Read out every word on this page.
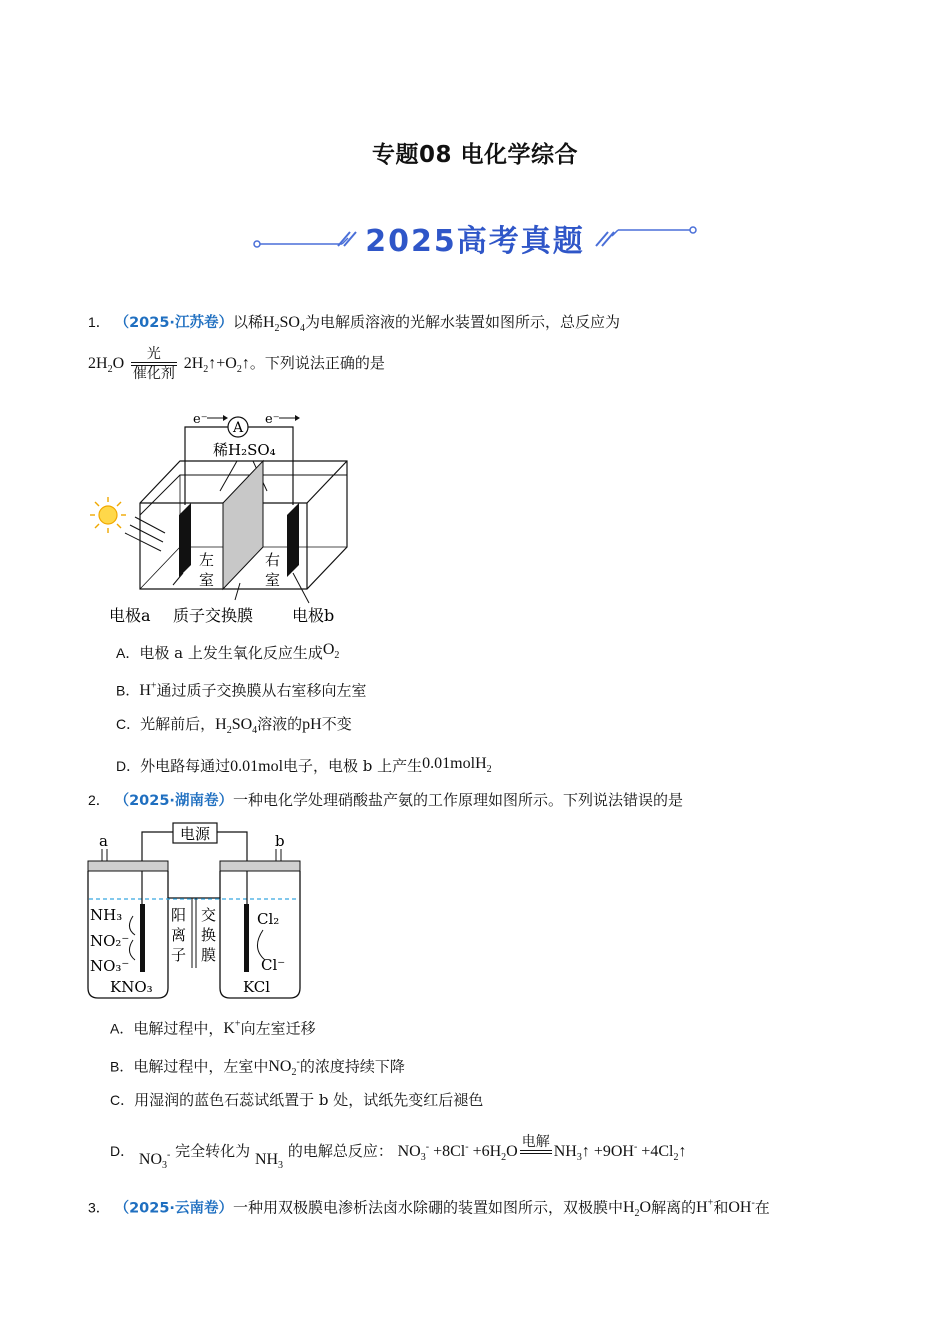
专题08 电化学综合
2025高考真题
1． （2025·江苏卷）以稀$H_2SO_4$为电解质溶液的光解水装置如图所示，总反应为
$2H_2O \frac{\text{光}}{\text{催化剂}}$ $2H_2↑+O_2↑$。下列说法正确的是
A
e⁻	e⁻
稀H₂SO₄
左
室
右
室
电极a 质子交换膜 电极b
A．电极 a 上发生氧化反应生成$O_2$
B．H+通过质子交换膜从右室移向左室
C．光解前后，$H_2SO_4$溶液的pH不变
D．外电路每通过0.01mol电子，电极 b 上产生0.01molH$_2$
2． （2025·湖南卷）一种电化学处理硝酸盐产氨的工作原理如图所示。下列说法错误的是
电源
a	b
NH₃
NO₂⁻
NO₃⁻
KNO₃
阳
离
子
交
换
膜
Cl₂
Cl⁻
KCl
A．电解过程中，K+向左室迁移
B．电解过程中，左室中$NO_2^-$的浓度持续下降
C．用湿润的蓝色石蕊试纸置于 b 处，试纸先变红后褪色
D． $NO_3^-$ 完全转化为 $NH_3$ 的电解总反应： $NO_3^- +8Cl^- +6H_2O$
电解

$NH_3↑ +9OH^-$ $+4Cl_2↑$
3． （2025·云南卷）一种用双极膜电渗析法卤水除硼的装置如图所示，双极膜中$H_2O$解离的H+和OH-在
